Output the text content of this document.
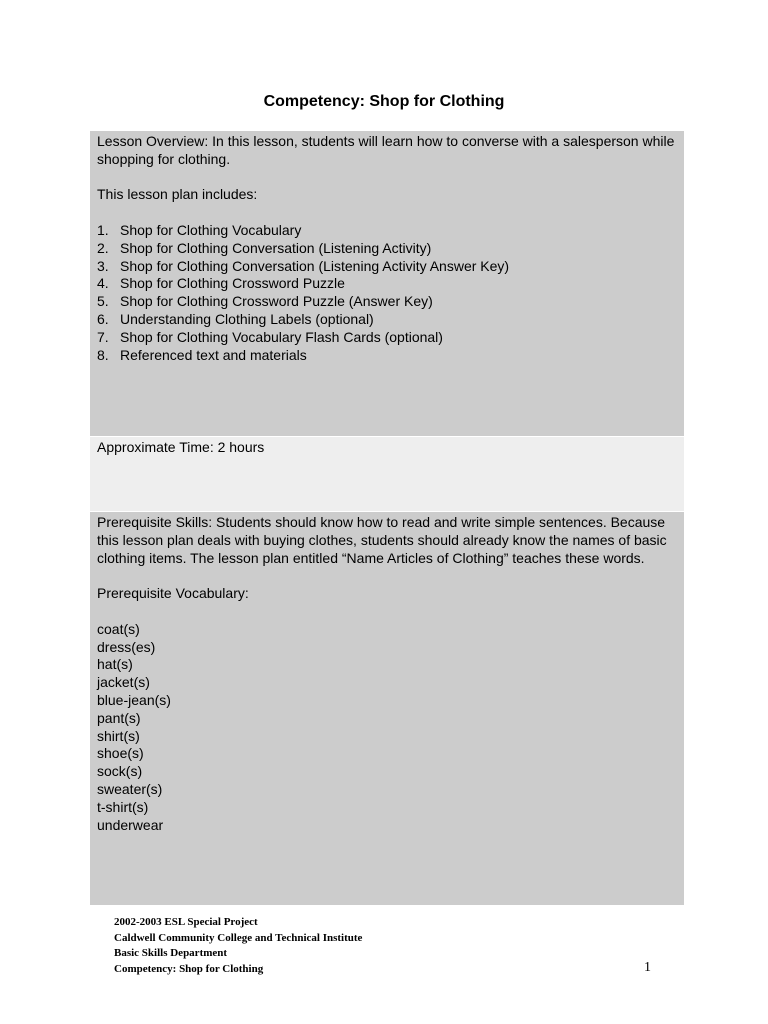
Competency: Shop for Clothing

Lesson Overview: In this lesson, students will learn how to converse with a salesperson while shopping for clothing.

This lesson plan includes:

1. Shop for Clothing Vocabulary
2. Shop for Clothing Conversation (Listening Activity)
3. Shop for Clothing Conversation (Listening Activity Answer Key)
4. Shop for Clothing Crossword Puzzle
5. Shop for Clothing Crossword Puzzle (Answer Key)
6. Understanding Clothing Labels (optional)
7. Shop for Clothing Vocabulary Flash Cards (optional)
8. Referenced text and materials

Approximate Time: 2 hours

Prerequisite Skills: Students should know how to read and write simple sentences. Because this lesson plan deals with buying clothes, students should already know the names of basic clothing items. The lesson plan entitled “Name Articles of Clothing” teaches these words.

Prerequisite Vocabulary:

coat(s)
dress(es)
hat(s)
jacket(s)
blue-jean(s)
pant(s)
shirt(s)
shoe(s)
sock(s)
sweater(s)
t-shirt(s)
underwear
2002-2003 ESL Special Project
Caldwell Community College and Technical Institute
Basic Skills Department
Competency: Shop for Clothing	1
